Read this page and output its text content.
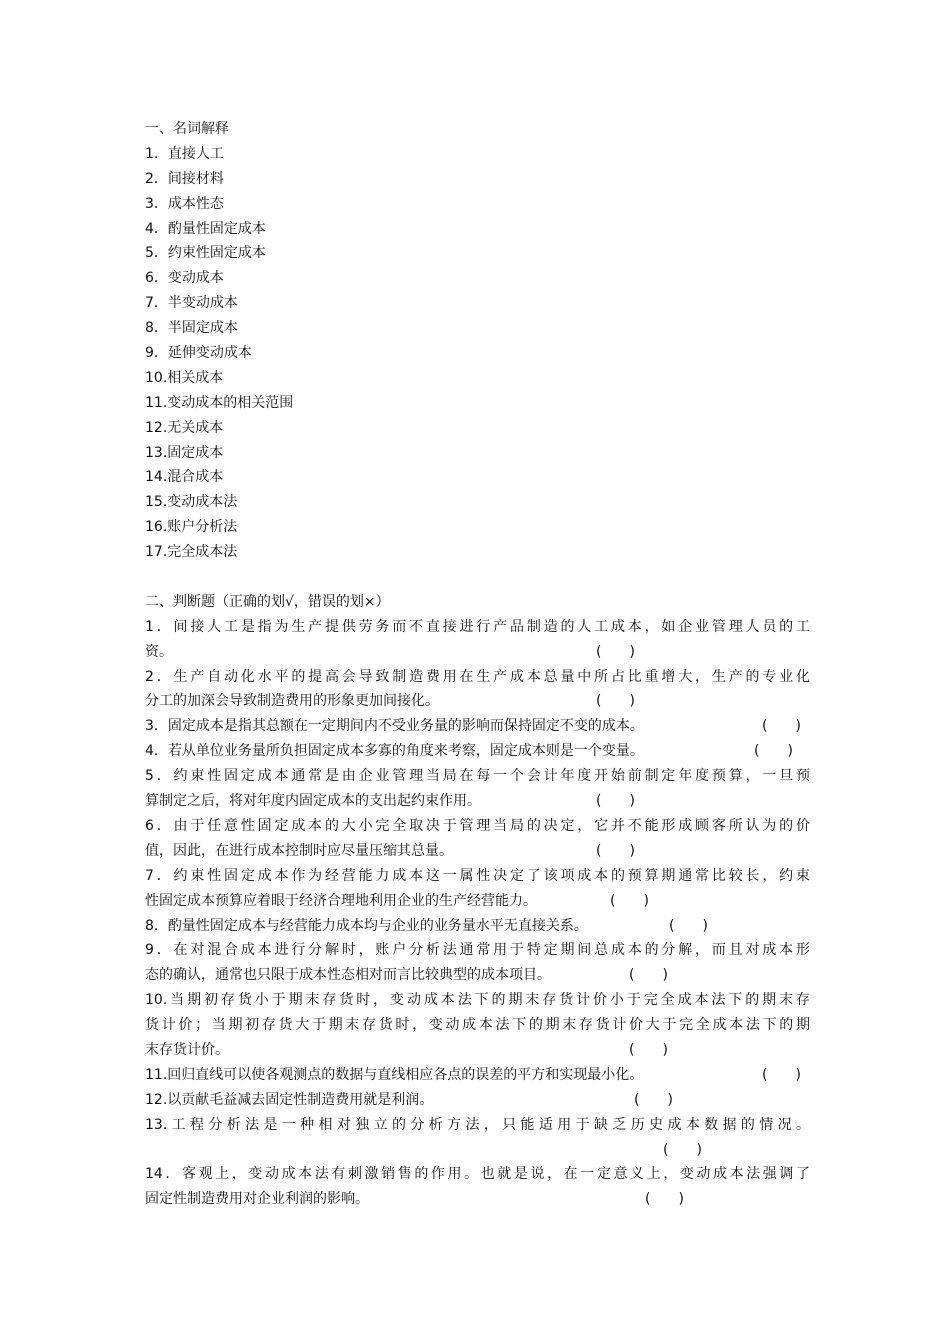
一、名词解释
1．直接人工
2．间接材料
3．成本性态
4．酌量性固定成本
5．约束性固定成本
6．变动成本
7．半变动成本
8．半固定成本
9．延伸变动成本
10.相关成本
11.变动成本的相关范围
12.无关成本
13.固定成本
14.混合成本
15.变动成本法
16.账户分析法
17.完全成本法
二、判断题（正确的划√，错误的划×）
1．间接人工是指为生产提供劳务而不直接进行产品制造的人工成本，如企业管理人员的工
资。	(　　)
2．生产自动化水平的提高会导致制造费用在生产成本总量中所占比重增大，生产的专业化
分工的加深会导致制造费用的形象更加间接化。	(　　)
3．固定成本是指其总额在一定期间内不受业务量的影响而保持固定不变的成本。	(　　)
4．若从单位业务量所负担固定成本多寡的角度来考察，固定成本则是一个变量。	(　　)
5．约束性固定成本通常是由企业管理当局在每一个会计年度开始前制定年度预算，一旦预
算制定之后，将对年度内固定成本的支出起约束作用。	(　　)
6．由于任意性固定成本的大小完全取决于管理当局的决定，它并不能形成顾客所认为的价
值，因此，在进行成本控制时应尽量压缩其总量。	(　　)
7．约束性固定成本作为经营能力成本这一属性决定了该项成本的预算期通常比较长，约束
性固定成本预算应着眼于经济合理地利用企业的生产经营能力。	(　　)
8．酌量性固定成本与经营能力成本均与企业的业务量水平无直接关系。	(　　)
9．在对混合成本进行分解时，账户分析法通常用于特定期间总成本的分解，而且对成本形
态的确认，通常也只限于成本性态相对而言比较典型的成本项目。	(　　)
10.当期初存货小于期末存货时，变动成本法下的期末存货计价小于完全成本法下的期末存
货计价；当期初存货大于期末存货时，变动成本法下的期末存货计价大于完全成本法下的期
末存货计价。	(　　)
11.回归直线可以使各观测点的数据与直线相应各点的误差的平方和实现最小化。	(　　)
12.以贡献毛益减去固定性制造费用就是利润。	(　　)
13.工程分析法是一种相对独立的分析方法，只能适用于缺乏历史成本数据的情况。
(　　)
14．客观上，变动成本法有刺激销售的作用。也就是说，在一定意义上，变动成本法强调了
固定性制造费用对企业利润的影响。	(　　)
